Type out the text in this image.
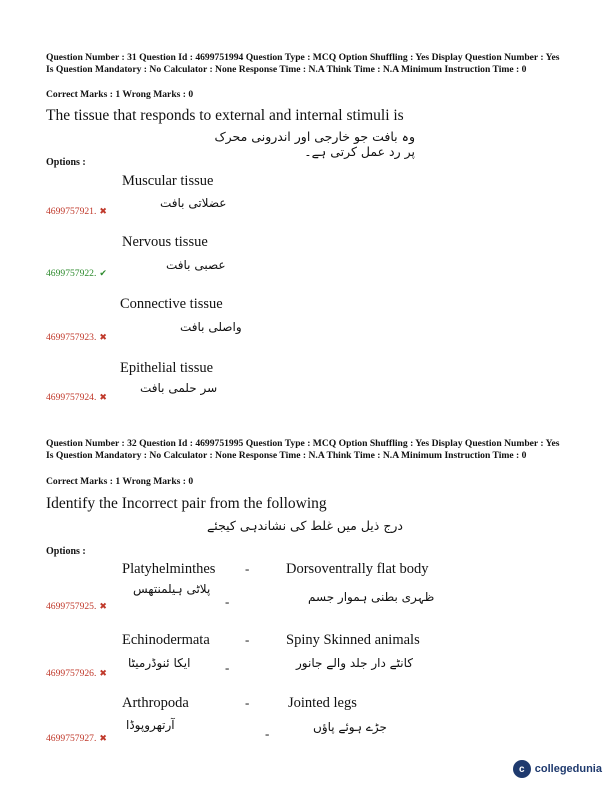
Question Number : 31 Question Id : 4699751994 Question Type : MCQ Option Shuffling : Yes Display Question Number : Yes Is Question Mandatory : No Calculator : None Response Time : N.A Think Time : N.A Minimum Instruction Time : 0
Correct Marks : 1 Wrong Marks : 0
The tissue that responds to external and internal stimuli is
وہ بافت جو خارجی اور اندرونی محرک پر رد عمل کرتی ہے۔
Options :
Muscular tissue
عضلاتی بافت
4699757921. ✖
Nervous tissue
عصبی بافت
4699757922. ✔
Connective tissue
واصلی بافت
4699757923. ✖
Epithelial tissue
سر حلمی بافت
4699757924. ✖
Question Number : 32 Question Id : 4699751995 Question Type : MCQ Option Shuffling : Yes Display Question Number : Yes Is Question Mandatory : No Calculator : None Response Time : N.A Think Time : N.A Minimum Instruction Time : 0
Correct Marks : 1 Wrong Marks : 0
Identify the Incorrect pair from the following
درج ذیل میں غلط کی نشاندہی کیجئے
Options :
Platyhelminthes -	Dorsoventrally flat body
پلاٹی ہیلمنتھس
-	ظہری بطنی ہموار جسم
4699757925. ✖
Echinodermata	-	Spiny Skinned animals
ایکا ئنوڈرمیٹا	-	کانٹے دار جلد والے جانور
4699757926. ✖
Arthropoda	-	Jointed legs
آرتھروپوڈا
-	جڑے ہوئے پاؤں
4699757927. ✖
c collegedunia
